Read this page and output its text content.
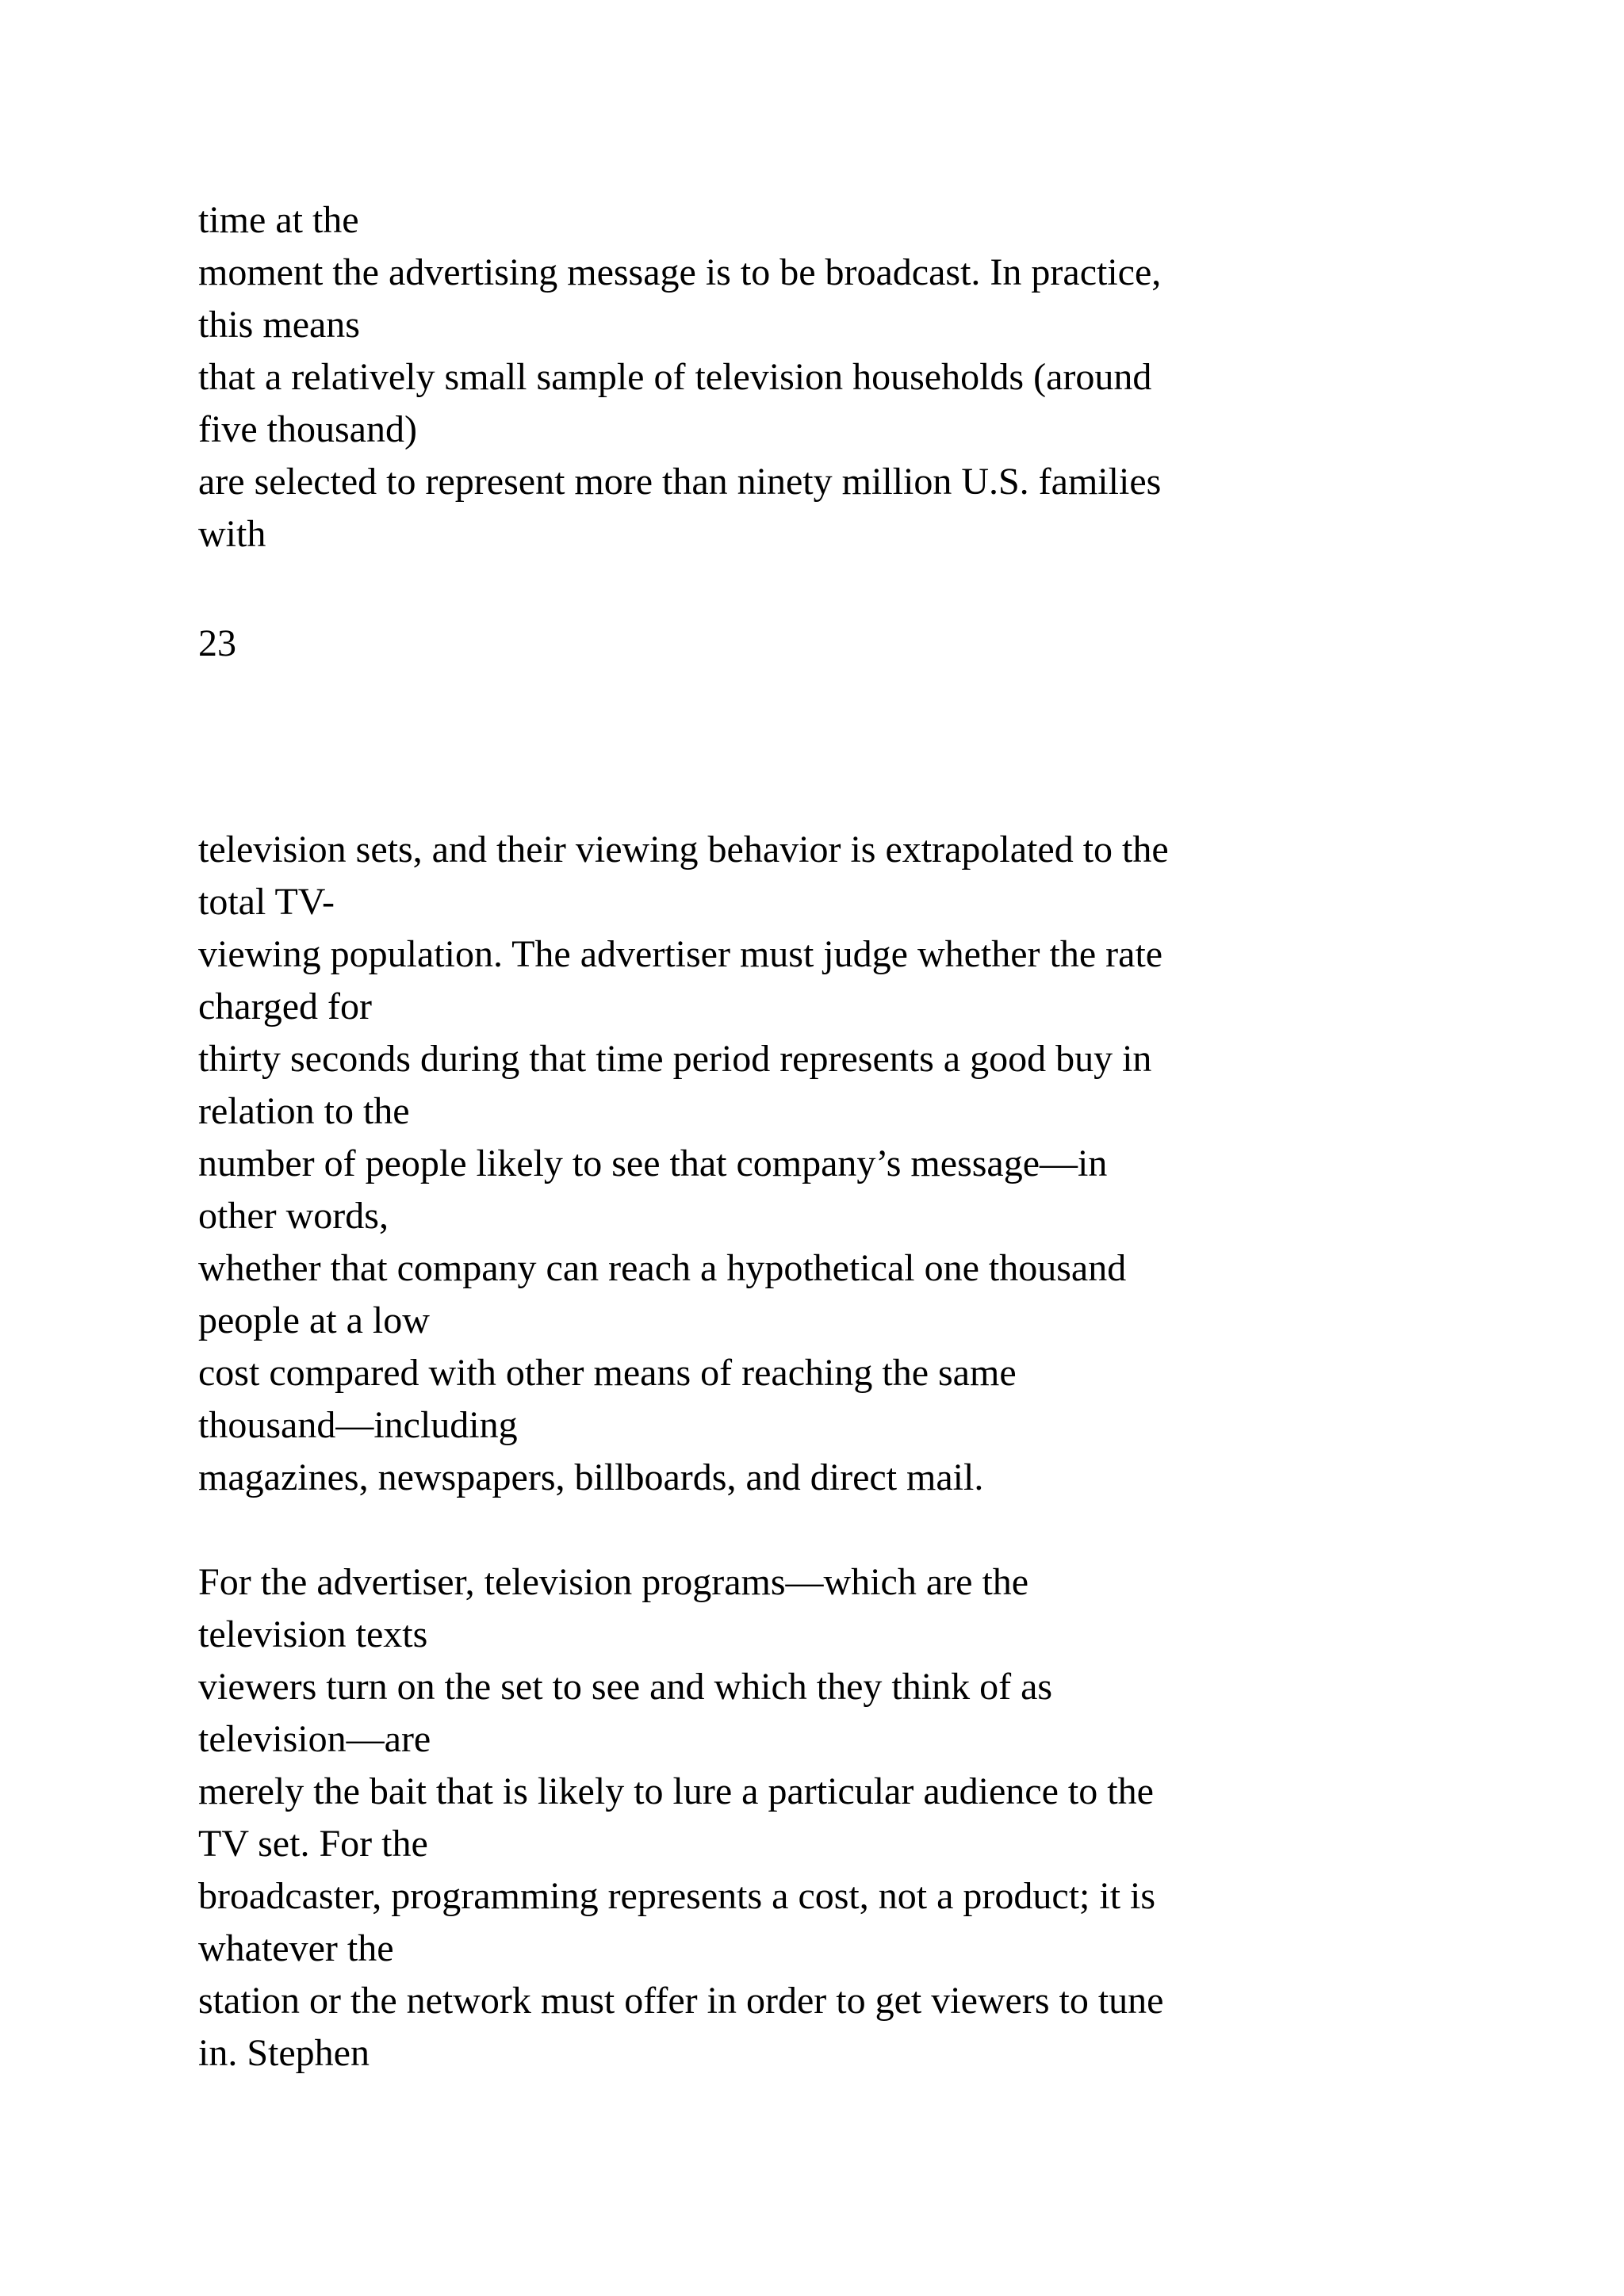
time at the

moment the advertising message is to be broadcast. In practice,

this means

that a relatively small sample of television households (around

five thousand)

are selected to represent more than ninety million U.S. families

with

23

television sets, and their viewing behavior is extrapolated to the

total TV-

viewing population. The advertiser must judge whether the rate

charged for

thirty seconds during that time period represents a good buy in

relation to the

number of people likely to see that company’s message—in

other words,

whether that company can reach a hypothetical one thousand

people at a low

cost compared with other means of reaching the same

thousand—including

magazines, newspapers, billboards, and direct mail.

For the advertiser, television programs—which are the

television texts

viewers turn on the set to see and which they think of as

television—are

merely the bait that is likely to lure a particular audience to the

TV set. For the

broadcaster, programming represents a cost, not a product; it is

whatever the

station or the network must offer in order to get viewers to tune

in. Stephen
